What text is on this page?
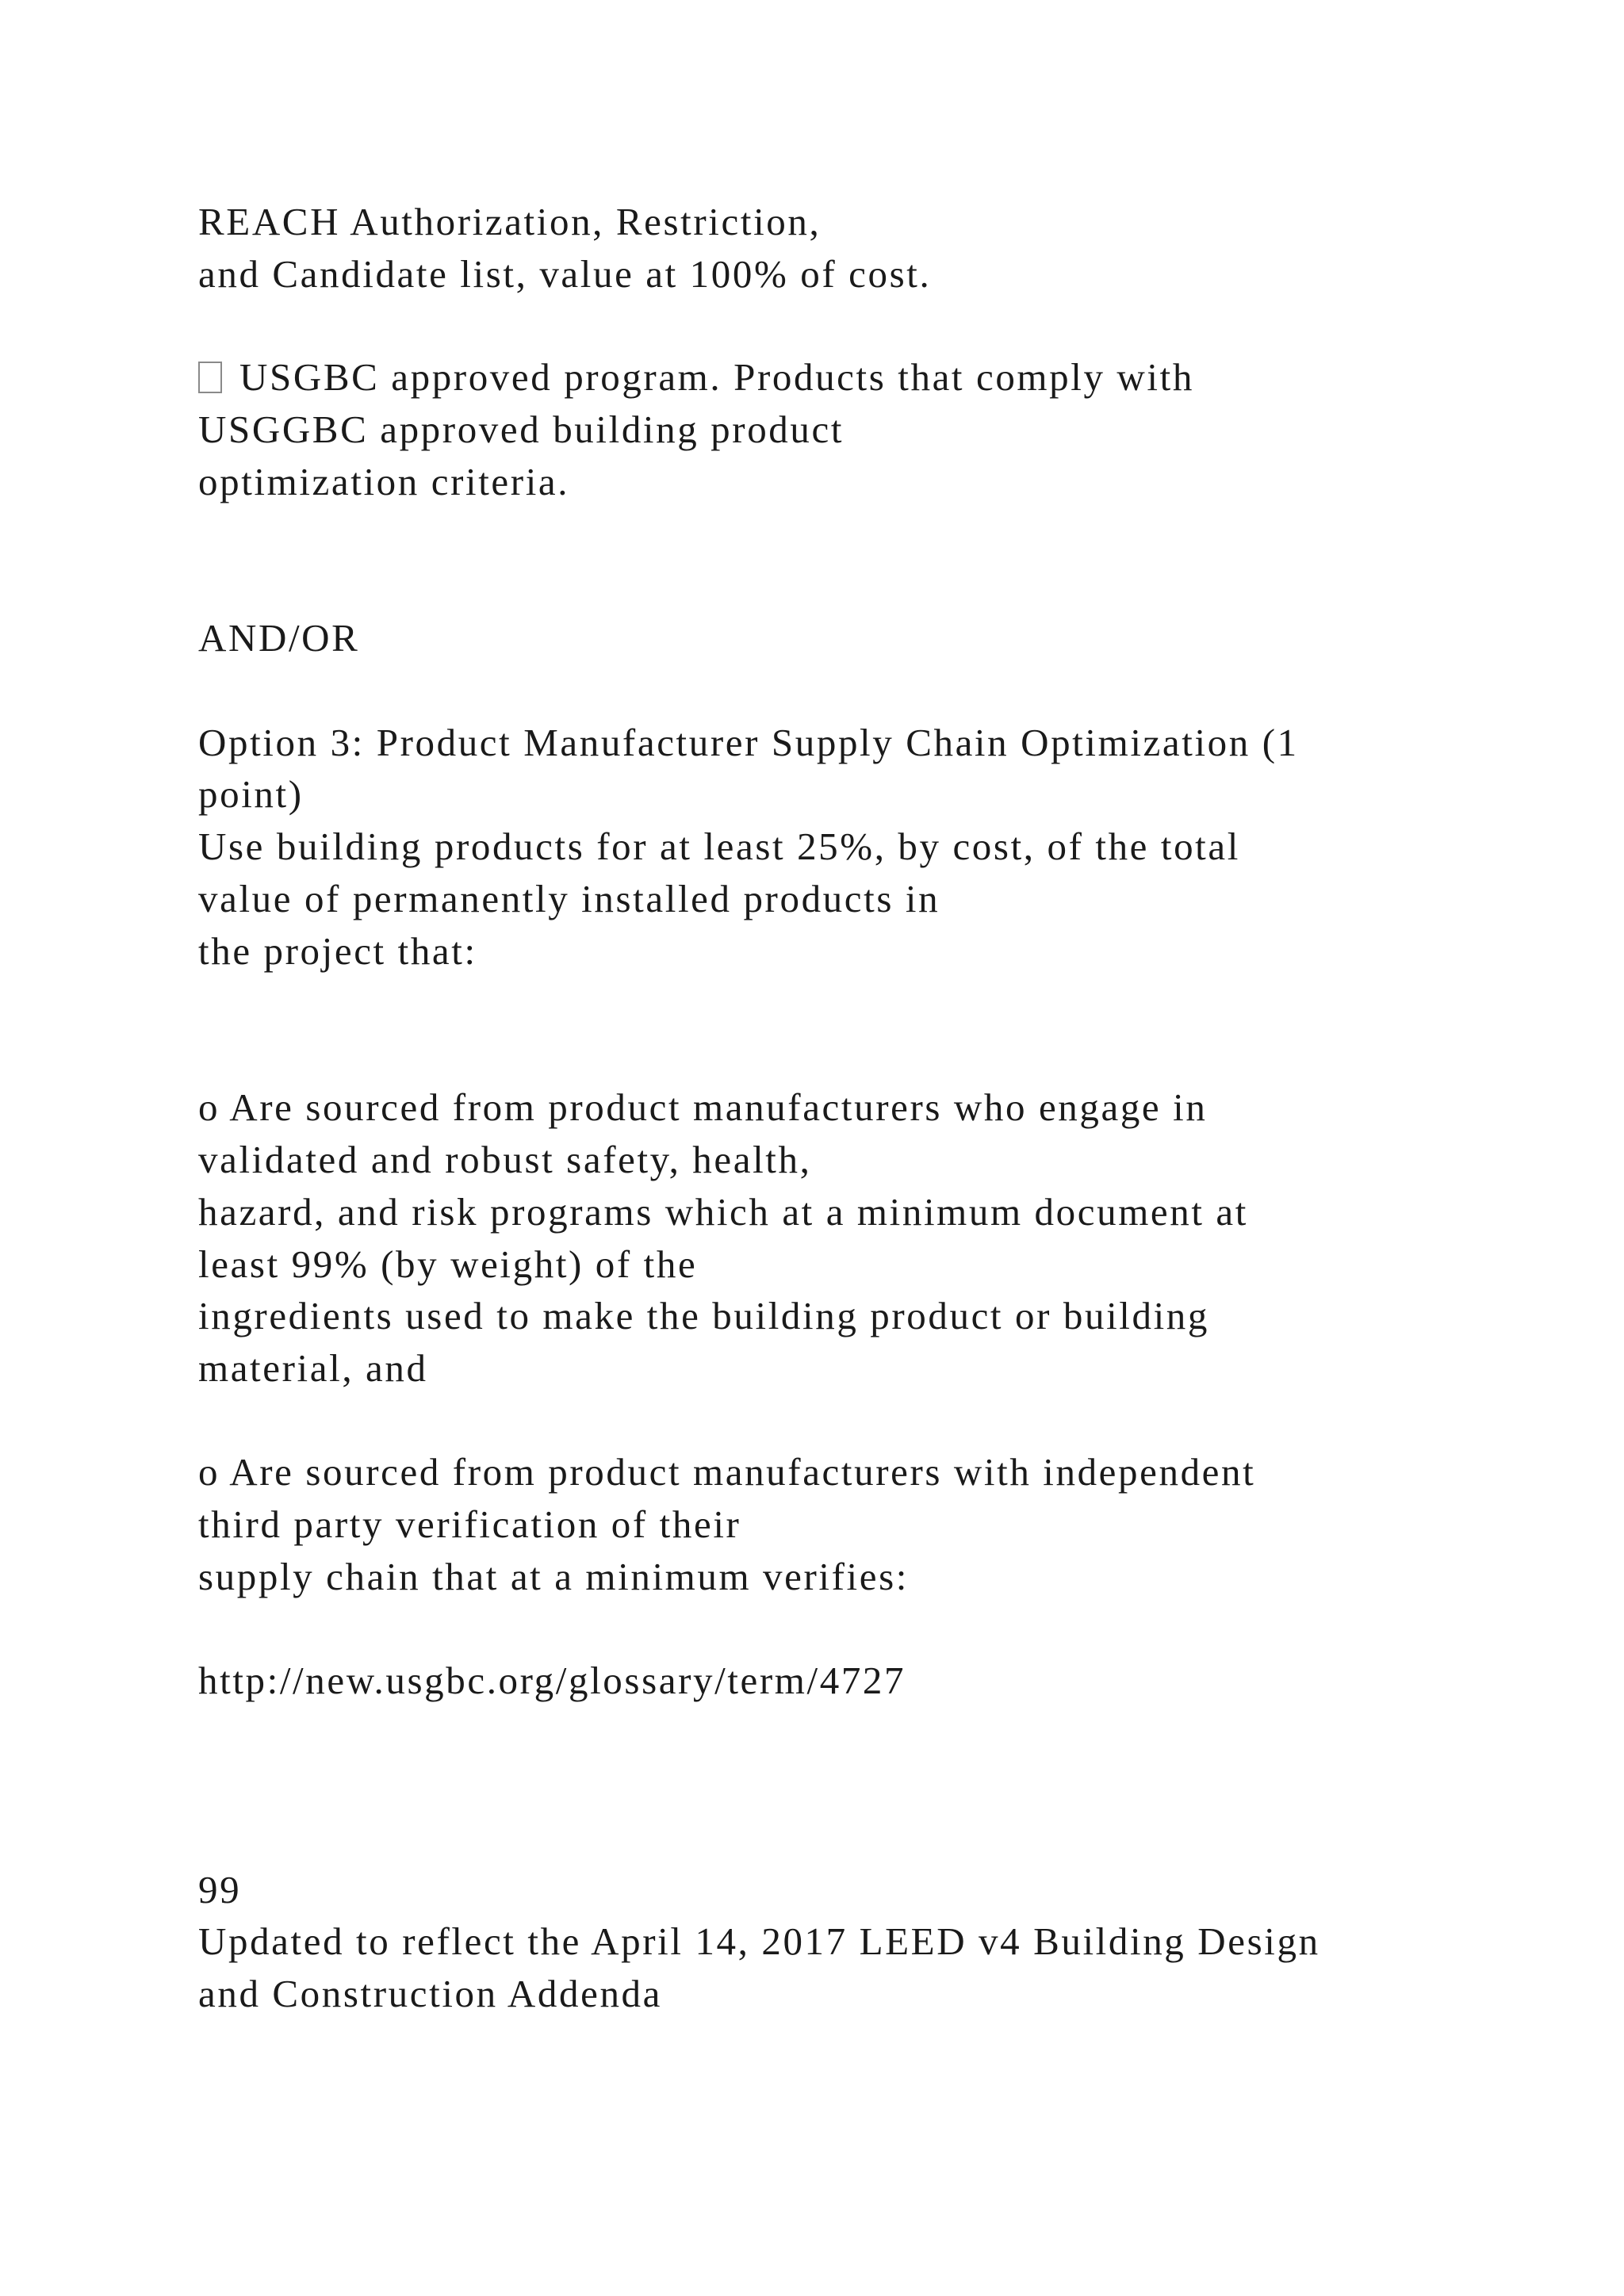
REACH Authorization, Restriction,
and Candidate list, value at 100% of cost.
USGBC approved program. Products that comply with
USGGBC approved building product
optimization criteria.
AND/OR
Option 3: Product Manufacturer Supply Chain Optimization (1
point)
Use building products for at least 25%, by cost, of the total
value of permanently installed products in
the project that:
o Are sourced from product manufacturers who engage in
validated and robust safety, health,
hazard, and risk programs which at a minimum document at
least 99% (by weight) of the
ingredients used to make the building product or building
material, and
o Are sourced from product manufacturers with independent
third party verification of their
supply chain that at a minimum verifies:
http://new.usgbc.org/glossary/term/4727
99
Updated to reflect the April 14, 2017 LEED v4 Building Design
and Construction Addenda
